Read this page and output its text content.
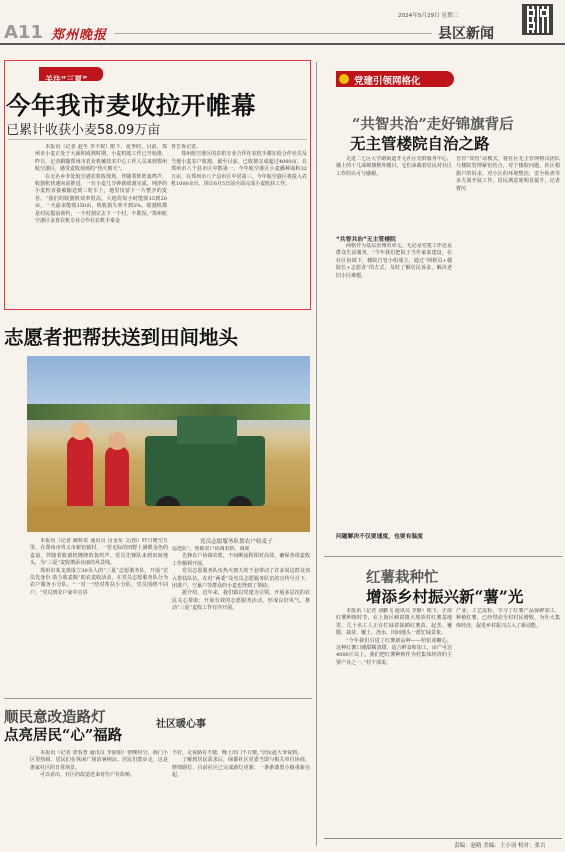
A11 郑州晚报
2024年5月29日 星期三
县区新闻
关注“三夏”
今年我市麦收拉开帷幕
已累计收获小麦58.09万亩

本报讯（记者 赵冬 李丰权）眼下，夏季时，目前，郑州市小麦正处于大面积成熟时期，小麦机收工作已开始推，昨日，记者跟随郑州市农业机械技术中心工作人员来到郑州航空港区，感受麦收现场的“热火朝天”。

在无名乡李处航空港农机收现场，伴随着阵阵轰鸣声，收割机快速向前推进，一台小麦几分钟就收割完成，纯净的小麦粒直接被输送到三轮车上，地里仅留下一片整齐的麦茬。“我们的收割机效率很高，大地块每小时能收15到20亩，一天最多能收150亩，机收损失率不到2%。收割机都是村民提前预约，一个村割完去下一个村，不耽误。”郑州航空港区金喜农机专业合作社农机手秦金

喜告诉记者。

郑州航空港区的农机专业合作社农机手都在给合作社员及当地小麦农户收割，截至目前，已收割完成超过4000亩。在郑州市八个县市区中数第一，今年航空港区小麦播种面积32万亩，在郑州市八个县市区中居第三，今年航空港区将投入农机1000余台，预计6月5日前全面完成小麦收获工作。

志愿者把帮扶送到田间地头
党员志愿服务队帮农户收麦子

本报讯（记者 姚辉常 通讯员 闫金东 文/图）昨日晴空万里，在郑州市巩义市新密镇村，一望无际的田野上满眼金色的麦浪，伴随着收割机隆隆的轰鸣声，党员先锋队来到田间地头，为“三夏”麦收增添亮丽的风景线。

郑州市某支部成立30余人的“三夏”志愿服务队，开展“党员先身份 助力收麦粮”助农麦收活动，在党员志愿服务队分为农户服务小分队、“一对一”结对帮扶小分队，党员围绕不同户，“党员到农户家中宣讲

巡逻队”，帮助农户协调农机、调度

先锋农户协调农机，不间断流程相对高效，确保各项麦收工作顺利开展。

党员志愿服务队伍热火朝天的干劲带动了许多周边群众加入帮扶队伍，在村“两委”及党员志愿服务队伍的宣传号召下，团委户，空巢户等群众的小麦也得到了帮助。

据介绍，近年来，我们镇以党建为引领，开展多层次的农民关心帮助；开展有效的志愿服务活动，形成良好风气，推动“三夏”麦收工作有序开展。

顺民意改造路灯
点亮居民“心”福路
社区暖心事

本报讯（记者 唐春普 通讯员 李丽娟）傍晚时分，海门小区里热闹，居民们在休闲广场消暑纳凉。居民们散步走，这是惠家社区的日常场景。

可以看出，社区的改造近来对住户有影响。

不好，走夜路有不便，晚上出门不方便。”居民赵大爷说到。

了解到居民需求后，绿都社区党委当即与相关单位协商，修缮路灯，目前社区已完成路灯更新，一条条漆黑小路重新亮起。

党建引领网格化
“共智共治”走好锦旗背后
无主管楼院自治之路

走进二七区大学路街道开元社区党群服务中心，墙上的十几面锦旗格外醒目，它们承载着居民对社区工作的认可与感谢。

“共智共治”无主管楼院

网格作为基层治理的单元，无论是党建工作还是群众生活服务，“今年我们把院子当作家来建设，在社区协调下，楼院自管小组成立，通过“网格员+楼院长+志愿者”的方式，及时了解居民诉求，解决老旧小区难题。

问题解决不仅要速度，也要有温度

自管“双管”动模式，将社区无主管网格员团队与楼院管理紧密结合，对于楼院问题，社区根据户的诉求，对小区的环境整治，安全检查等多方面开展工作，居民满意度明显提升。记者 曹芮

红薯栽种忙
增添乡村振兴新“薯”光

本报讯（记者 刘鹏飞 通讯员 李静）眼下，正值红薯种植时节，在上街区峡窝镇大坡顶村红薯基地里，几十名工人正在忙碌着栽插红薯苗，起垄、覆膜、栽苗、覆土、浇水，田间地头一派忙碌景象。

“今年我们引进了红薯新品种——哈密冰糖心，这种红薯口感甜糯清甜，适合鲜食和加工，亩产可达4000斤以上，我们把红薯种植作为村集体经济的主要产业之一。”村干部说。

产业，工艺流程，学习了红薯产品保鲜加工，种植红薯，已经带动全村村民增收，为壮大集体经济，促进乡村振兴注入了新动能。

责编：赵晴 美编：王小羽 校对：张吉
